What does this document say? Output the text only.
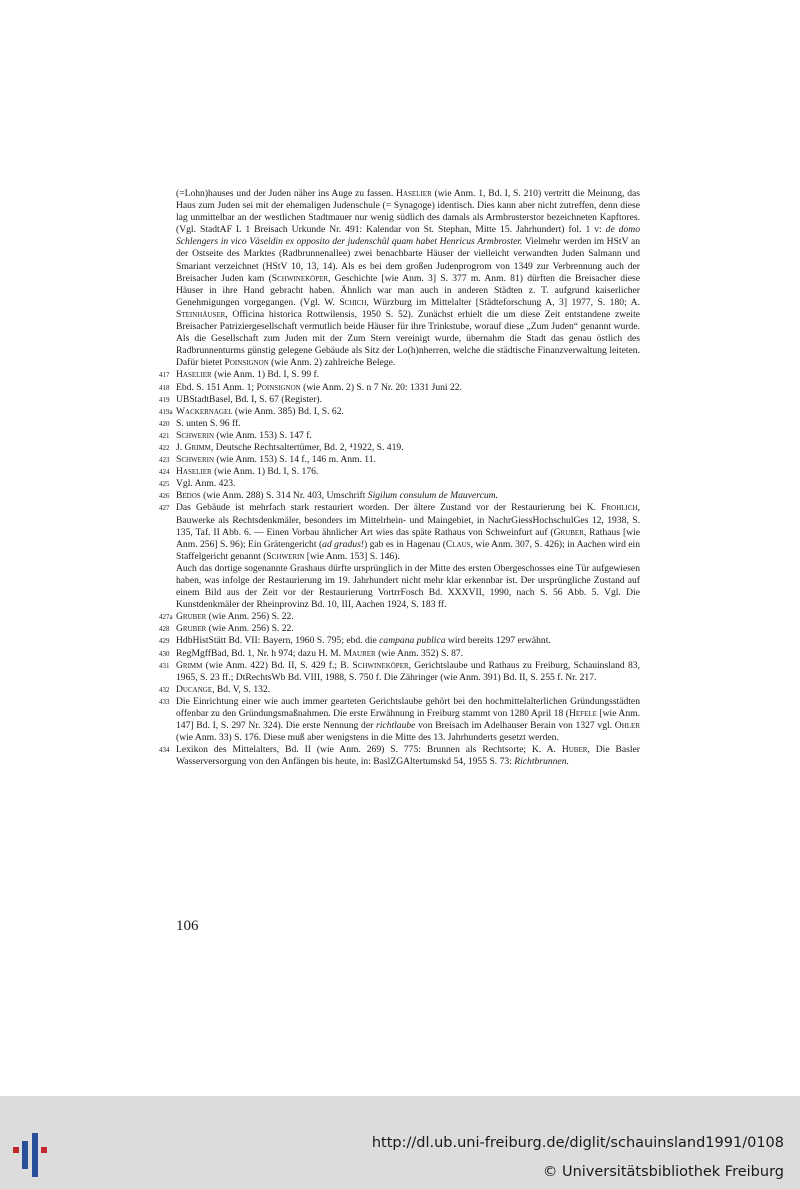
(=Lohn)hauses und der Juden näher ins Auge zu fassen. Haselier (wie Anm. 1, Bd. I, S. 210) vertritt die Meinung, das Haus zum Juden sei mit der ehemaligen Judenschule (= Synagoge) identisch. Dies kann aber nicht zutreffen, denn diese lag unmittelbar an der westlichen Stadtmauer nur wenig südlich des damals als Armbrusterstor bezeichneten Kapftores. (Vgl. StadtAF L 1 Breisach Urkunde Nr. 491: Kalendar von St. Stephan, Mitte 15. Jahrhundert) fol. 1 v: de domo Schlengers in vico Väseldin ex opposito der judenschůl quam habet Henricus Armbroster. Vielmehr werden im HStV an der Ostseite des Marktes (Radbrunnenallee) zwei benachbarte Häuser der vielleicht verwandten Juden Salmann und Smariant verzeichnet (HStV 10, 13, 14). Als es bei dem großen Judenprogrom von 1349 zur Verbrennung auch der Breisacher Juden kam (Schwineköper, Geschichte [wie Anm. 3] S. 377 m. Anm. 81) dürften die Breisacher diese Häuser in ihre Hand gebracht haben. Ähnlich war man auch in anderen Städten z. T. aufgrund kaiserlicher Genehmigungen vorgegangen. (Vgl. W. Schich, Würzburg im Mittelalter [Städteforschung A, 3] 1977, S. 180; A. Steinhäuser, Officina historica Rottwilensis, 1950 S. 52). Zunächst erhielt die um diese Zeit entstandene zweite Breisacher Patriziergesellschaft vermutlich beide Häuser für ihre Trinkstube, worauf diese „Zum Juden“ genannt wurde. Als die Gesellschaft zum Juden mit der Zum Stern vereinigt wurde, übernahm die Stadt das genau östlich des Radbrunnenturms günstig gelegene Gebäude als Sitz der Lo(h)nherren, welche die städtische Finanzverwaltung leiteten. Dafür bietet Poinsignon (wie Anm. 2) zahlreiche Belege.

417 Haselier (wie Anm. 1) Bd. I, S. 99 f.

418 Ebd. S. 151 Anm. 1; Poinsignon (wie Anm. 2) S. n 7 Nr. 20: 1331 Juni 22.

419 UBStadtBasel, Bd. I, S. 67 (Register).

419a Wackernagel (wie Anm. 385) Bd. I, S. 62.

420 S. unten S. 96 ff.

421 Schwerin (wie Anm. 153) S. 147 f.

422 J. Grimm, Deutsche Rechtsaltertümer, Bd. 2, ⁴1922, S. 419.

423 Schwerin (wie Anm. 153) S. 14 f., 146 m. Anm. 11.

424 Haselier (wie Anm. 1) Bd. I, S. 176.

425 Vgl. Anm. 423.

426 Bedos (wie Anm. 288) S. 314 Nr. 403, Umschrift Sigilum consulum de Mauvercum.

427 Das Gebäude ist mehrfach stark restauriert worden. Der ältere Zustand vor der Restaurierung bei K. Frohlich, Bauwerke als Rechtsdenkmäler, besonders im Mittelrhein- und Maingebiet, in NachrGiessHochschulGes 12, 1938, S. 135, Taf. II Abb. 6. — Einen Vorbau ähnlicher Art wies das späte Rathaus von Schweinfurt auf (Gruber, Rathaus [wie Anm. 256] S. 96); Ein Grätengericht (ad gradus!) gab es in Hagenau (Claus, wie Anm. 307, S. 426); in Aachen wird ein Staffelgericht genannt (Schwerin [wie Anm. 153] S. 146).

Auch das dortige sogenannte Grashaus dürfte ursprünglich in der Mitte des ersten Obergeschosses eine Tür aufgewiesen haben, was infolge der Restaurierung im 19. Jahrhundert nicht mehr klar erkennbar ist. Der ursprüngliche Zustand auf einem Bild aus der Zeit vor der Restaurierung VortrrFosch Bd. XXXVII, 1990, nach S. 56 Abb. 5. Vgl. Die Kunstdenkmäler der Rheinprovinz Bd. 10, III, Aachen 1924, S. 183 ff.

427a Gruber (wie Anm. 256) S. 22.

428 Gruber (wie Anm. 256) S. 22.

429 HdbHistStätt Bd. VII: Bayern, 1960 S. 795; ebd. die campana publica wird bereits 1297 erwähnt.

430 RegMgffBad, Bd. 1, Nr. h 974; dazu H. M. Maurer (wie Anm. 352) S. 87.

431 Grimm (wie Anm. 422) Bd. II, S. 429 f.; B. Schwineköper, Gerichtslaube und Rathaus zu Freiburg, Schauinsland 83, 1965, S. 23 ff.; DtRechtsWb Bd. VIII, 1988, S. 750 f. Die Zähringer (wie Anm. 391) Bd. II, S. 255 f. Nr. 217.

432 Ducange, Bd. V, S. 132.

433 Die Einrichtung einer wie auch immer gearteten Gerichtslaube gehört bei den hochmittelalterlichen Gründungsstädten offenbar zu den Gründungsmaßnahmen. Die erste Erwähnung in Freiburg stammt von 1280 April 18 (Hefele [wie Anm. 147] Bd. I, S. 297 Nr. 324). Die erste Nennung der richtlaube von Breisach im Adelhauser Berain von 1327 vgl. Ohler (wie Anm. 33) S. 176. Diese muß aber wenigstens in die Mitte des 13. Jahrhunderts gesetzt werden.

434 Lexikon des Mittelalters, Bd. II (wie Anm. 269) S. 775: Brunnen als Rechtsorte; K. A. Huber, Die Basler Wasserversorgung von den Anfängen bis heute, in: BaslZGAltertumskd 54, 1955 S. 73: Richtbrunnen.

106
http://dl.ub.uni-freiburg.de/diglit/schauinsland1991/0108
© Universitätsbibliothek Freiburg
